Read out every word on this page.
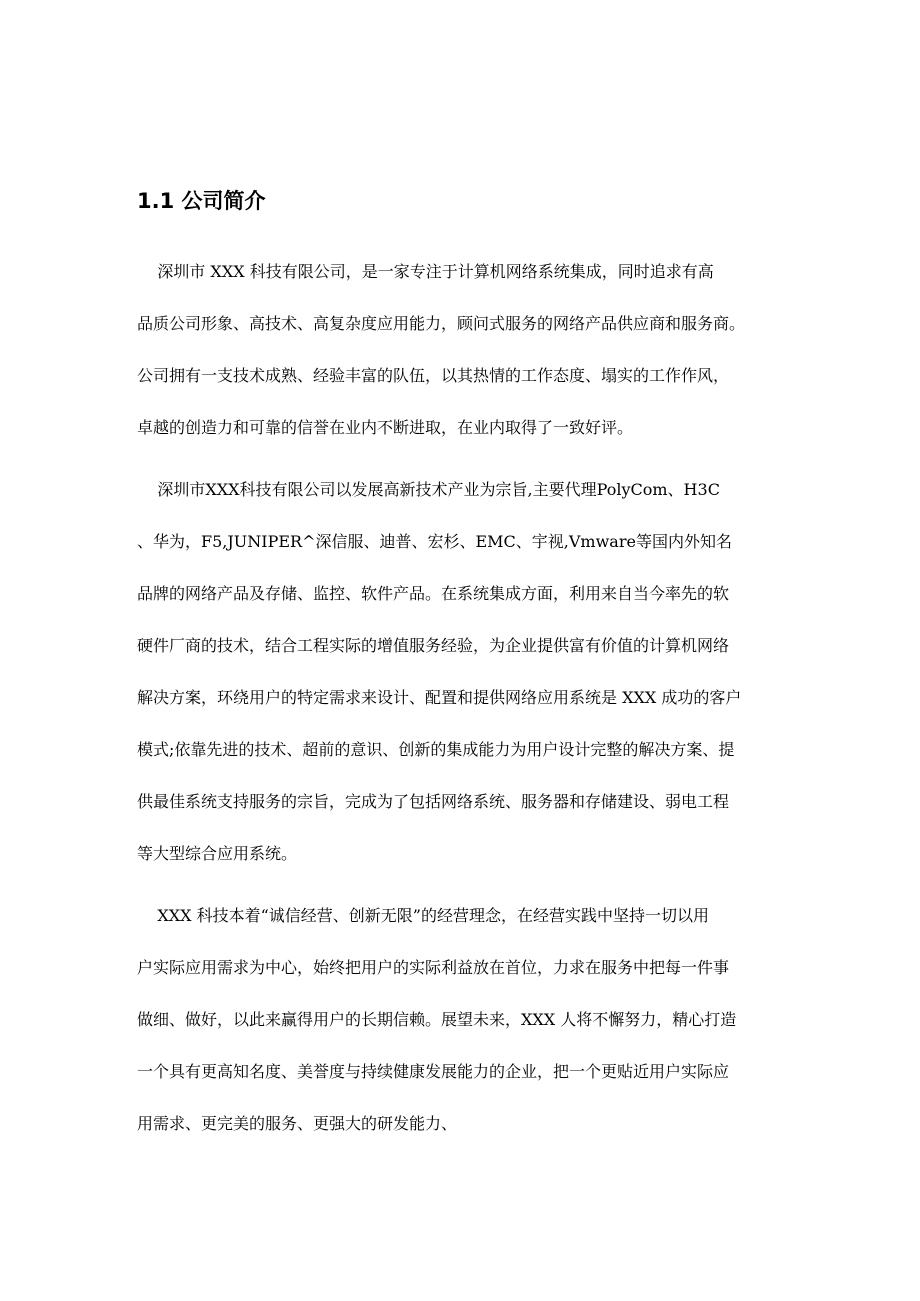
1.1 公司简介
深圳市 XXX 科技有限公司，是一家专注于计算机网络系统集成，同时追求有高
品质公司形象、高技术、高复杂度应用能力，顾问式服务的网络产品供应商和服务商。
公司拥有一支技术成熟、经验丰富的队伍，以其热情的工作态度、塌实的工作作风，
卓越的创造力和可靠的信誉在业内不断进取，在业内取得了一致好评。
深圳市XXX科技有限公司以发展高新技术产业为宗旨,主要代理PolyCom、H3C
、华为，F5,JUNIPER^深信服、迪普、宏杉、EMC、宇视,Vmware等国内外知名
品牌的网络产品及存储、监控、软件产品。在系统集成方面，利用来自当今率先的软
硬件厂商的技术，结合工程实际的增值服务经验，为企业提供富有价值的计算机网络
解决方案，环绕用户的特定需求来设计、配置和提供网络应用系统是 XXX 成功的客户
模式;依靠先进的技术、超前的意识、创新的集成能力为用户设计完整的解决方案、提
供最佳系统支持服务的宗旨，完成为了包括网络系统、服务器和存储建设、弱电工程
等大型综合应用系统。
XXX 科技本着“诚信经营、创新无限”的经营理念，在经营实践中坚持一切以用
户实际应用需求为中心，始终把用户的实际利益放在首位，力求在服务中把每一件事
做细、做好，以此来赢得用户的长期信赖。展望未来，XXX 人将不懈努力，精心打造
一个具有更高知名度、美誉度与持续健康发展能力的企业，把一个更贴近用户实际应
用需求、更完美的服务、更强大的研发能力、
